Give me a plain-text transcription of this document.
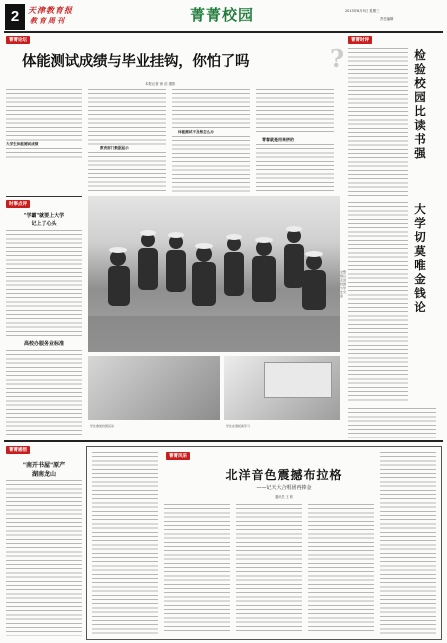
2	天津教育报
教育周刊	菁菁校园	2013年6月5日 星期三
责任编辑
菁菁论坛
体能测试成绩与毕业挂钩，你怕了吗	?
本报记者 徐 浩 摄影
大学生体能测试成绩
教育部门数据显示
体能测试不及格怎么办
青春就是用来拼的
菁菁时评
检验校园比读书强
大学切莫唯金钱论
时事点评
"学霸"就要上大学
记上了心头
高校办服务业标准
女警察们走进校园与学生交流
学生参加校园活动	学生在展板前学习
菁菁感悟
"南开书屋"原产
湖南龙山
菁菁风采
北洋音色震撼布拉格
——记天大合唱团再捧金
通讯员 王 莉
